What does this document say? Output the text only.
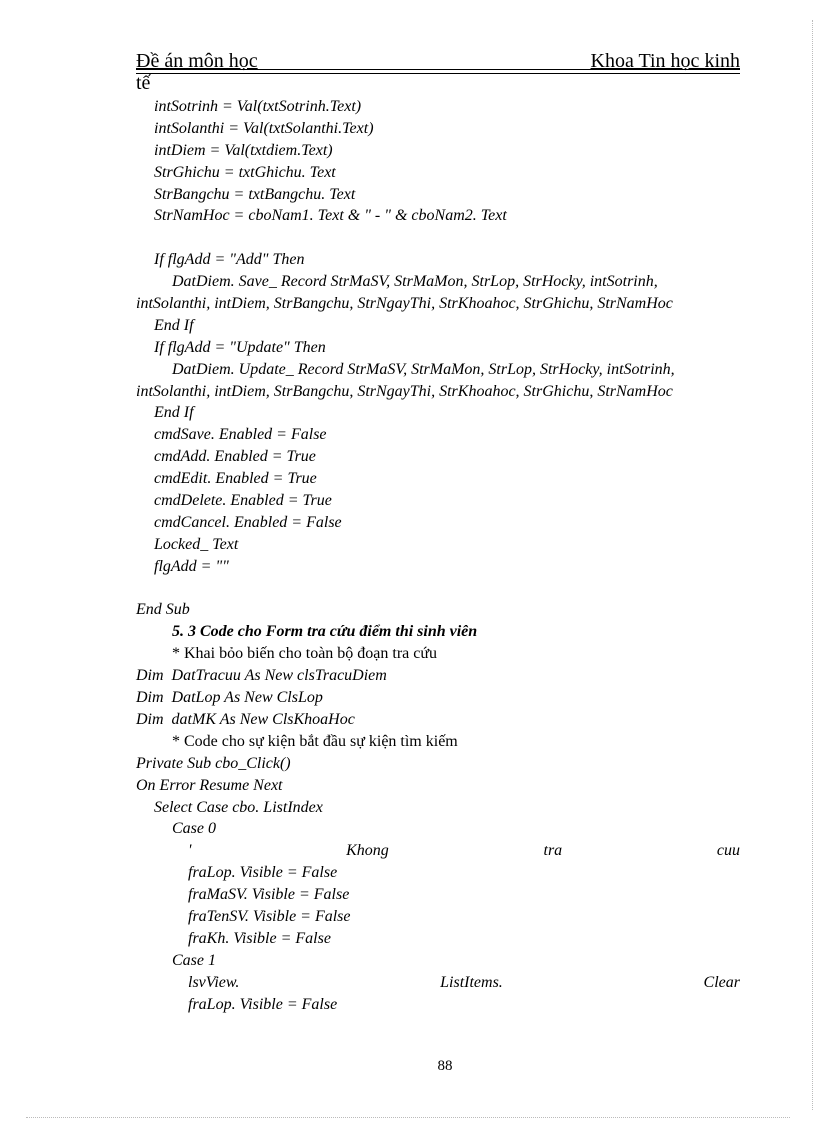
Đề án môn học	Khoa Tin học kinh
tế
intSotrinh = Val(txtSotrinh.Text)
intSolanthi = Val(txtSolanthi.Text)
intDiem = Val(txtdiem.Text)
StrGhichu = txtGhichu. Text
StrBangchu = txtBangchu. Text
StrNamHoc = cboNam1. Text & " - " & cboNam2. Text
If flgAdd = "Add" Then
DatDiem. Save_ Record StrMaSV, StrMaMon, StrLop, StrHocky, intSotrinh,
intSolanthi, intDiem, StrBangchu, StrNgayThi, StrKhoahoc, StrGhichu, StrNamHoc
End If
If flgAdd = "Update" Then
DatDiem. Update_ Record StrMaSV, StrMaMon, StrLop, StrHocky, intSotrinh,
intSolanthi, intDiem, StrBangchu, StrNgayThi, StrKhoahoc, StrGhichu, StrNamHoc
End If
cmdSave. Enabled = False
cmdAdd. Enabled = True
cmdEdit. Enabled = True
cmdDelete. Enabled = True
cmdCancel. Enabled = False
Locked_ Text
flgAdd = ""
End Sub
5. 3 Code cho Form tra cứu điểm thi sinh viên
* Khai bỏo biến cho toàn bộ đoạn tra cứu
Dim  DatTracuu As New clsTracuDiem
Dim  DatLop As New ClsLop
Dim  datMK As New ClsKhoaHoc
* Code cho sự kiện bắt đầu sự kiện tìm kiếm
Private Sub cbo_Click()
On Error Resume Next
Select Case cbo. ListIndex
Case 0
'	Khong	tra	cuu
fraLop. Visible = False
fraMaSV. Visible = False
fraTenSV. Visible = False
fraKh. Visible = False
Case 1
lsvView.	ListItems.	Clear
fraLop. Visible = False
88
